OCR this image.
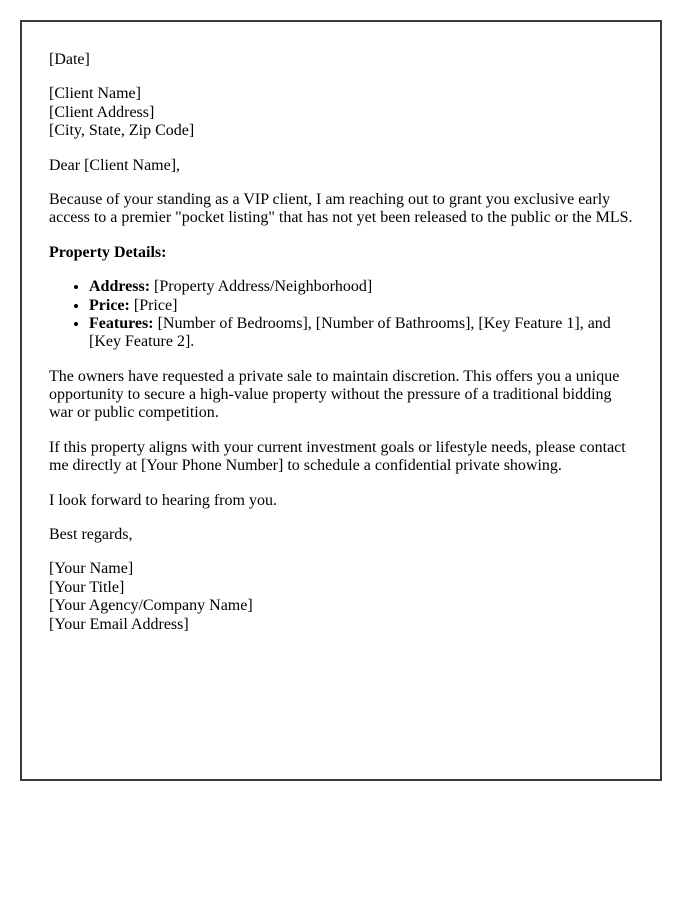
[Date]

[Client Name]
[Client Address]
[City, State, Zip Code]

Dear [Client Name],

Because of your standing as a VIP client, I am reaching out to grant you exclusive early access to a premier "pocket listing" that has not yet been released to the public or the MLS.

Property Details:

• Address: [Property Address/Neighborhood]
• Price: [Price]
• Features: [Number of Bedrooms], [Number of Bathrooms], [Key Feature 1], and [Key Feature 2].

The owners have requested a private sale to maintain discretion. This offers you a unique opportunity to secure a high-value property without the pressure of a traditional bidding war or public competition.

If this property aligns with your current investment goals or lifestyle needs, please contact me directly at [Your Phone Number] to schedule a confidential private showing.

I look forward to hearing from you.

Best regards,

[Your Name]
[Your Title]
[Your Agency/Company Name]
[Your Email Address]
